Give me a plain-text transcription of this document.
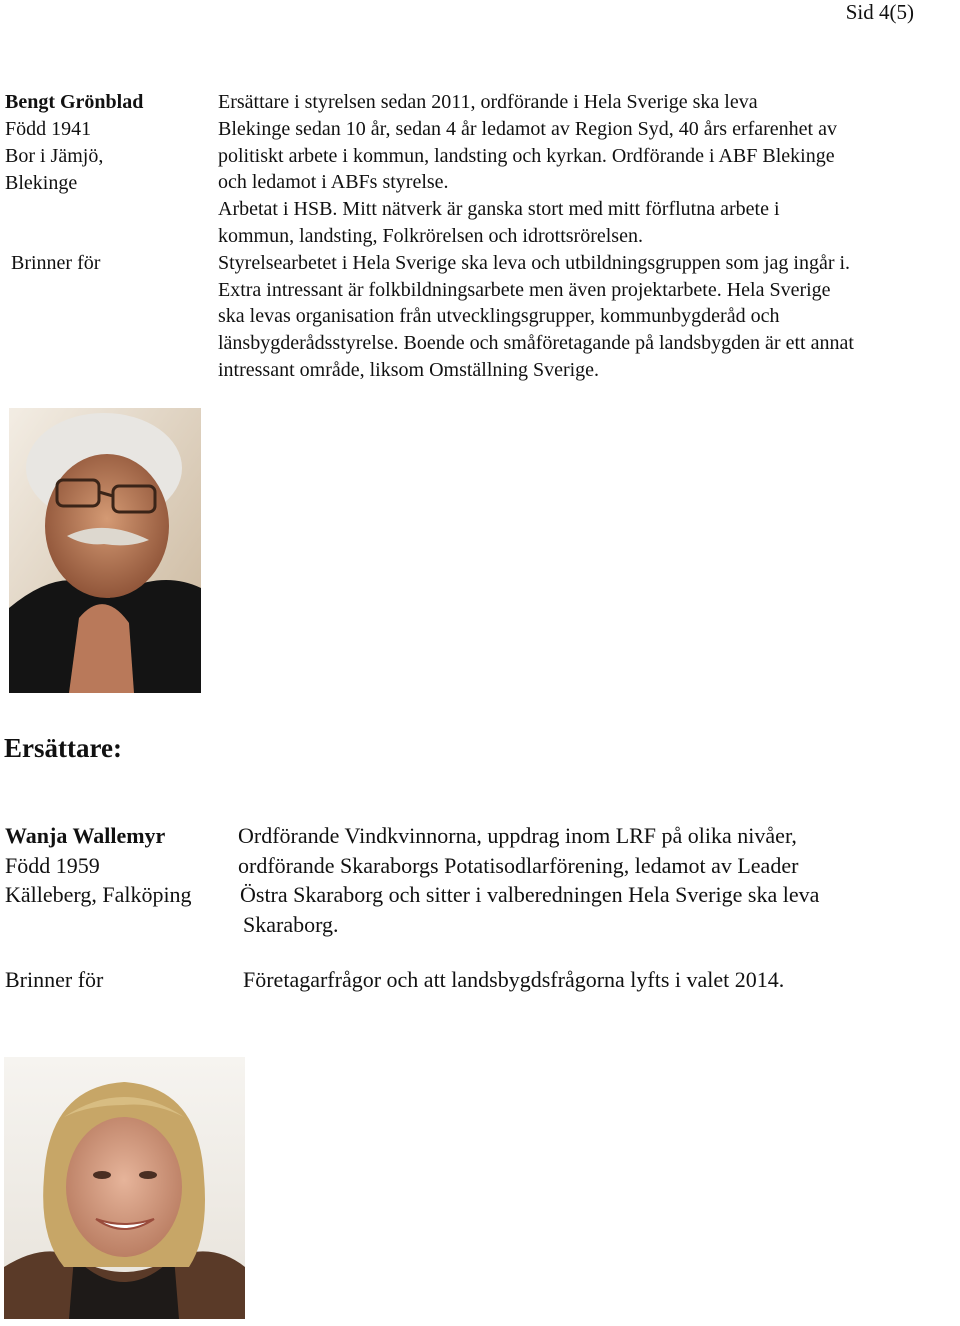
Sid 4(5)
Bengt Grönblad
Född 1941
Bor i Jämjö,
Blekinge
Brinner för
Ersättare i styrelsen sedan 2011, ordförande i Hela Sverige ska leva
Blekinge sedan 10 år, sedan 4 år ledamot av Region Syd, 40 års erfarenhet av
politiskt arbete i kommun, landsting och kyrkan. Ordförande i ABF Blekinge
och ledamot i ABFs styrelse.
Arbetat i HSB. Mitt nätverk är ganska stort med mitt förflutna arbete i
kommun, landsting, Folkrörelsen och idrottsrörelsen.
Styrelsearbetet i Hela Sverige ska leva och utbildningsgruppen som jag ingår i.
Extra intressant är folkbildningsarbete men även projektarbete. Hela Sverige
ska levas organisation från utvecklingsgrupper, kommunbygderåd och
länsbygderådsstyrelse. Boende och småföretagande på landsbygden är ett annat
intressant område, liksom Omställning Sverige.
Ersättare:
Wanja Wallemyr
Född 1959
Källeberg, Falköping
Ordförande Vindkvinnorna, uppdrag inom LRF på olika nivåer,
ordförande Skaraborgs Potatisodlarförening, ledamot av Leader
Östra Skaraborg och sitter i valberedningen Hela Sverige ska leva
Skaraborg.
Brinner för	Företagarfrågor och att landsbygdsfrågorna lyfts i valet 2014.
